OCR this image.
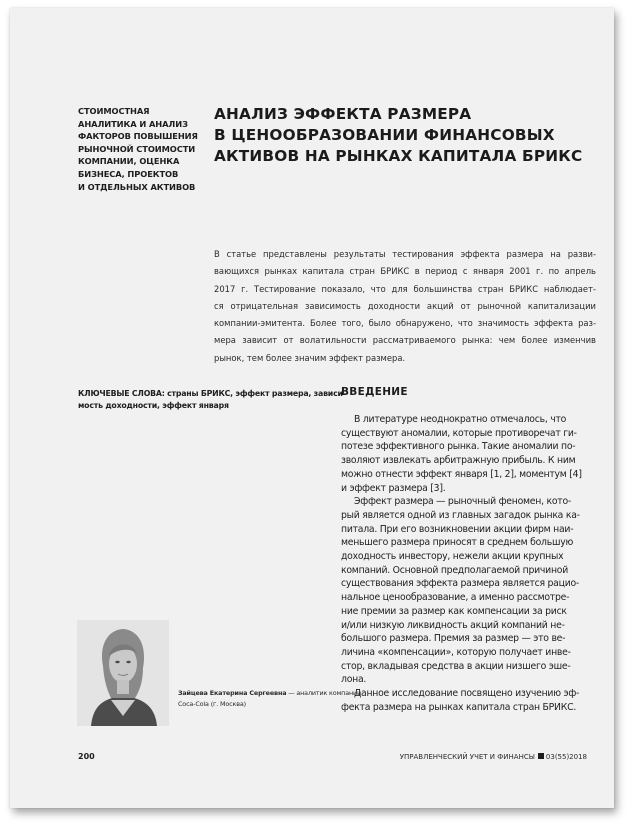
СТОИМОСТНАЯ
АНАЛИТИКА И АНАЛИЗ
ФАКТОРОВ ПОВЫШЕНИЯ
РЫНОЧНОЙ СТОИМОСТИ
КОМПАНИИ, ОЦЕНКА
БИЗНЕСА, ПРОЕКТОВ
И ОТДЕЛЬНЫХ АКТИВОВ
АНАЛИЗ ЭФФЕКТА РАЗМЕРА
В ЦЕНООБРАЗОВАНИИ ФИНАНСОВЫХ
АКТИВОВ НА РЫНКАХ КАПИТАЛА БРИКС
В статье представлены результаты тестирования эффекта размера на разви-
вающихся рынках капитала стран БРИКС в период с января 2001 г. по апрель
2017 г. Тестирование показало, что для большинства стран БРИКС наблюдает-
ся отрицательная зависимость доходности акций от рыночной капитализации
компании-эмитента. Более того, было обнаружено, что значимость эффекта раз-
мера зависит от волатильности рассматриваемого рынка: чем более изменчив
рынок, тем более значим эффект размера.
КЛЮЧЕВЫЕ СЛОВА: страны БРИКС, эффект размера, зависи-
мость доходности, эффект января
ВВЕДЕНИЕ
В литературе неоднократно отмечалось, что
существуют аномалии, которые противоречат ги-
потезе эффективного рынка. Такие аномалии по-
зволяют извлекать арбитражную прибыль. К ним
можно отнести эффект января [1, 2], моментум [4]
и эффект размера [3].
Эффект размера — рыночный феномен, кото-
рый является одной из главных загадок рынка ка-
питала. При его возникновении акции фирм наи-
меньшего размера приносят в среднем большую
доходность инвестору, нежели акции крупных
компаний. Основной предполагаемой причиной
существования эффекта размера является рацио-
нальное ценообразование, а именно рассмотре-
ние премии за размер как компенсации за риск
и/или низкую ликвидность акций компаний не-
большого размера. Премия за размер — это ве-
личина «компенсации», которую получает инве-
стор, вкладывая средства в акции низшего эше-
лона.
Данное исследование посвящено изучению эф-
фекта размера на рынках капитала стран БРИКС.
Зайцева Екатерина Сергеевна — аналитик компании
Coca-Cola (г. Москва)
200	УПРАВЛЕНЧЕСКИЙ УЧЕТ И ФИНАНСЫ 03(55)2018
